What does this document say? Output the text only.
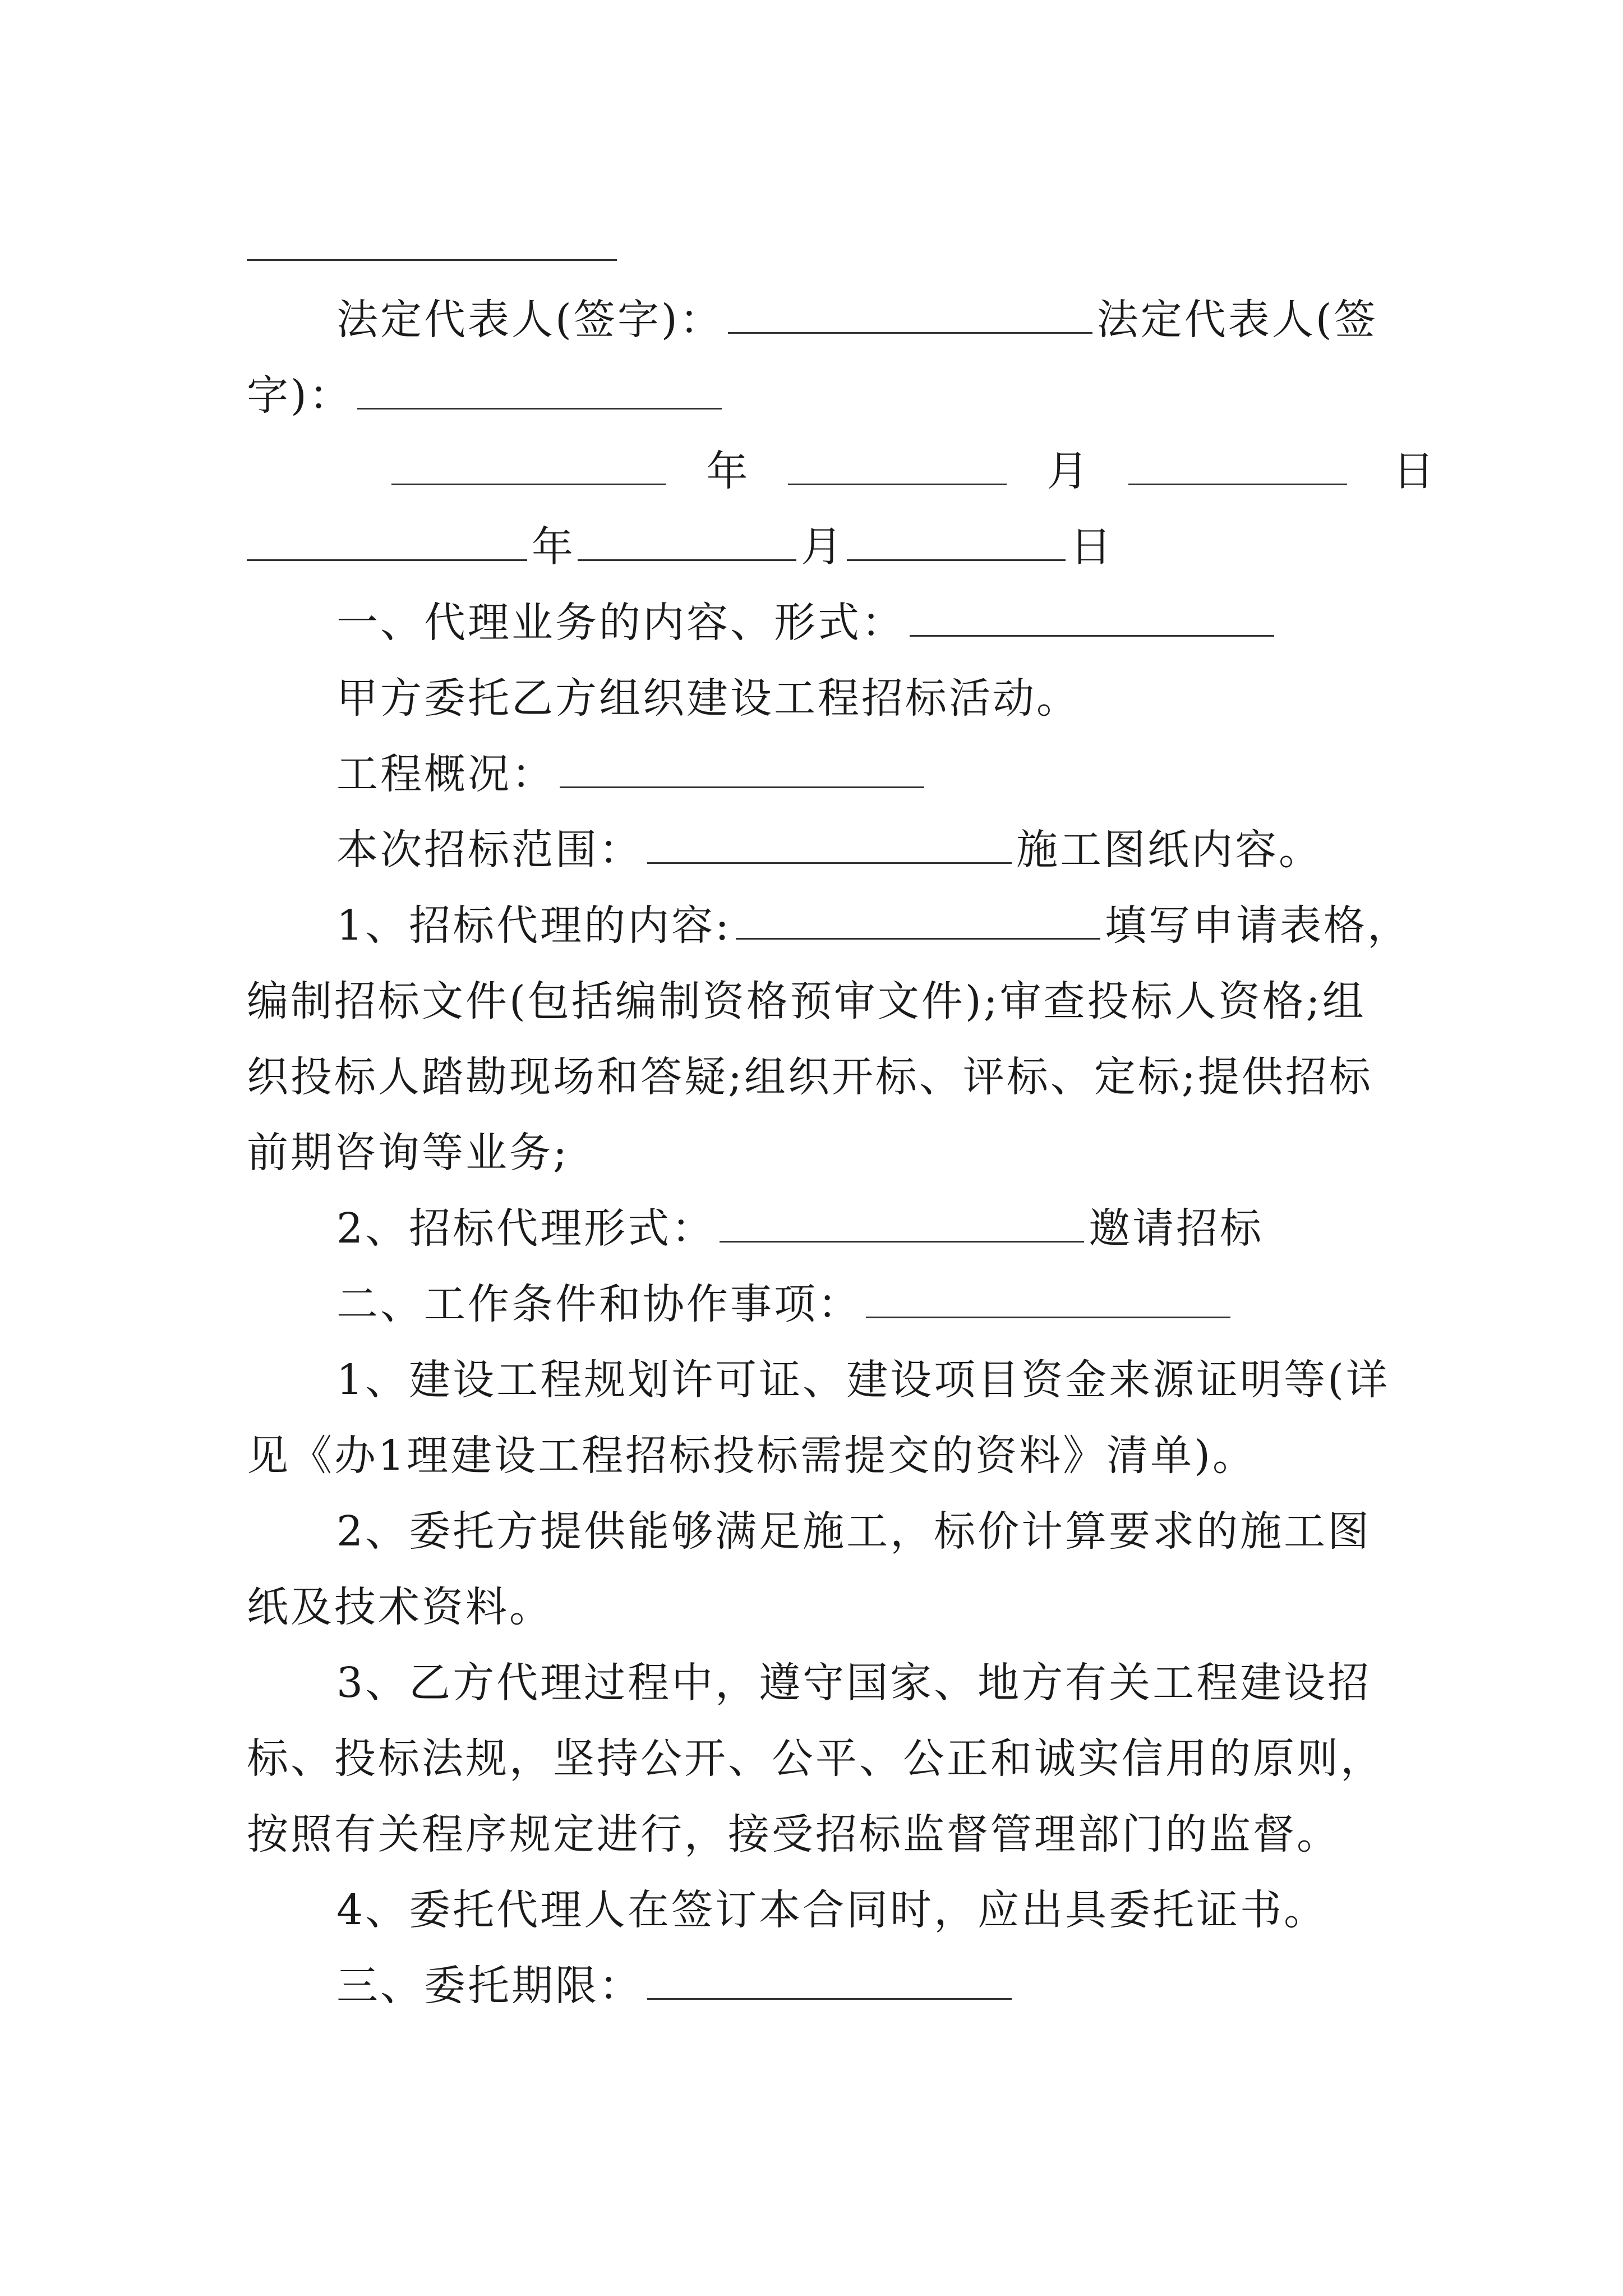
法定代表人(签字)：	法定代表人(签
字)：
年	月	日
年	月	日
一、代理业务的内容、形式：
甲方委托乙方组织建设工程招标活动。
工程概况：
本次招标范围：	施工图纸内容。
1、招标代理的内容:	填写申请表格，
编制招标文件(包括编制资格预审文件);审查投标人资格;组
织投标人踏勘现场和答疑;组织开标、评标、定标;提供招标
前期咨询等业务;
2、招标代理形式：	邀请招标
二、工作条件和协作事项：
1、建设工程规划许可证、建设项目资金来源证明等(详
见《办1理建设工程招标投标需提交的资料》清单)。
2、委托方提供能够满足施工，标价计算要求的施工图
纸及技术资料。
3、乙方代理过程中，遵守国家、地方有关工程建设招
标、投标法规，坚持公开、公平、公正和诚实信用的原则，
按照有关程序规定进行，接受招标监督管理部门的监督。
4、委托代理人在签订本合同时，应出具委托证书。
三、委托期限：
